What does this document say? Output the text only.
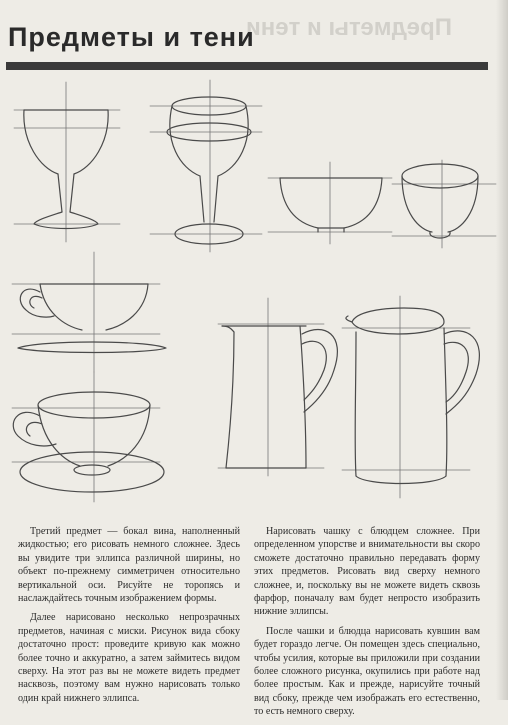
Предметы и тени
Предметы и тени

Третий предмет — бокал вина, наполненный жидкостью; его рисовать немного сложнее. Здесь вы увидите три эллипса различной ширины, но объект по-прежнему симметричен относительно вертикальной оси. Рисуйте не торопясь и наслаждайтесь точным изображением формы.

Далее нарисовано несколько непрозрачных предметов, начиная с миски. Рисунок вида сбоку достаточно прост: проведите кривую как можно более точно и аккуратно, а затем займитесь видом сверху. На этот раз вы не можете видеть предмет насквозь, поэтому вам нужно нарисовать только один край нижнего эллипса.

Нарисовать чашку с блюдцем сложнее. При определенном упорстве и внимательности вы скоро сможете достаточно правильно передавать форму этих предметов. Рисовать вид сверху немного сложнее, и, поскольку вы не можете видеть сквозь фарфор, поначалу вам будет непросто изобразить нижние эллипсы.

После чашки и блюдца нарисовать кувшин вам будет гораздо легче. Он помещен здесь специально, чтобы усилия, которые вы приложили при создании более сложного рисунка, окупились при работе над более простым. Как и прежде, нарисуйте точный вид сбоку, прежде чем изображать его естественно, то есть немного сверху.
